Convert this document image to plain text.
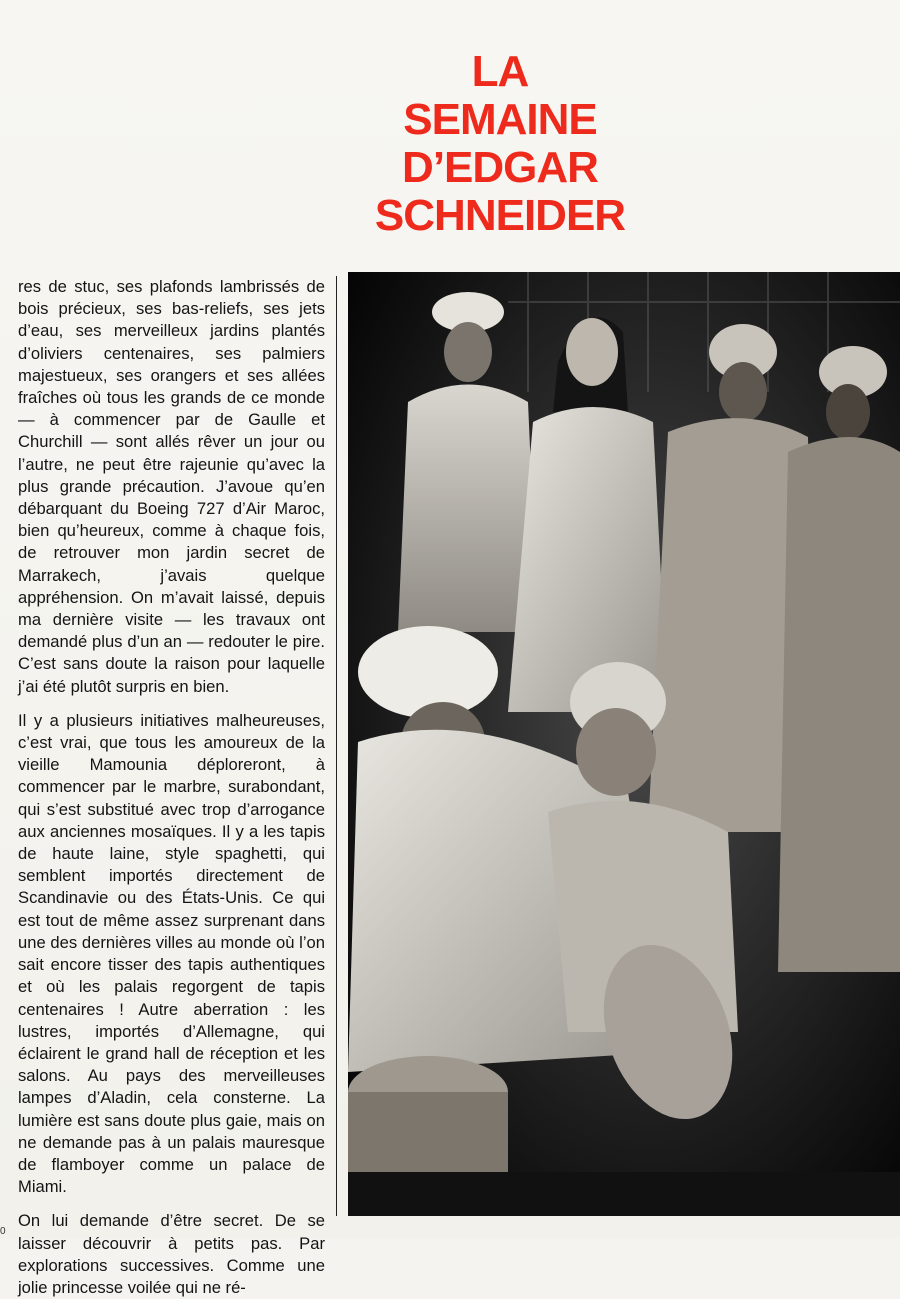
LA
SEMAINE
D’EDGAR
SCHNEIDER

res de stuc, ses plafonds lambrissés de bois précieux, ses bas-reliefs, ses jets d’eau, ses merveilleux jardins plantés d’oliviers centenaires, ses palmiers majestueux, ses orangers et ses allées fraîches où tous les grands de ce monde — à commencer par de Gaulle et Churchill — sont allés rêver un jour ou l’autre, ne peut être rajeunie qu’avec la plus grande précaution. J’avoue qu’en débarquant du Boeing 727 d’Air Maroc, bien qu’heureux, comme à chaque fois, de retrouver mon jardin secret de Marrakech, j’avais quelque appréhension. On m’avait laissé, depuis ma dernière visite — les travaux ont demandé plus d’un an — redouter le pire. C’est sans doute la raison pour laquelle j’ai été plutôt surpris en bien.

Il y a plusieurs initiatives malheureuses, c’est vrai, que tous les amoureux de la vieille Mamounia déploreront, à commencer par le marbre, surabondant, qui s’est substitué avec trop d’arrogance aux anciennes mosaïques. Il y a les tapis de haute laine, style spaghetti, qui semblent importés directement de Scandinavie ou des États-Unis. Ce qui est tout de même assez surprenant dans une des dernières villes au monde où l’on sait encore tisser des tapis authentiques et où les palais regorgent de tapis centenaires ! Autre aberration : les lustres, importés d’Allemagne, qui éclairent le grand hall de réception et les salons. Au pays des merveilleuses lampes d’Aladin, cela consterne. La lumière est sans doute plus gaie, mais on ne demande pas à un palais mauresque de flamboyer comme un palace de Miami.

On lui demande d’être secret. De se laisser découvrir à petits pas. Par explorations successives. Comme une jolie princesse voilée qui ne ré-

0
